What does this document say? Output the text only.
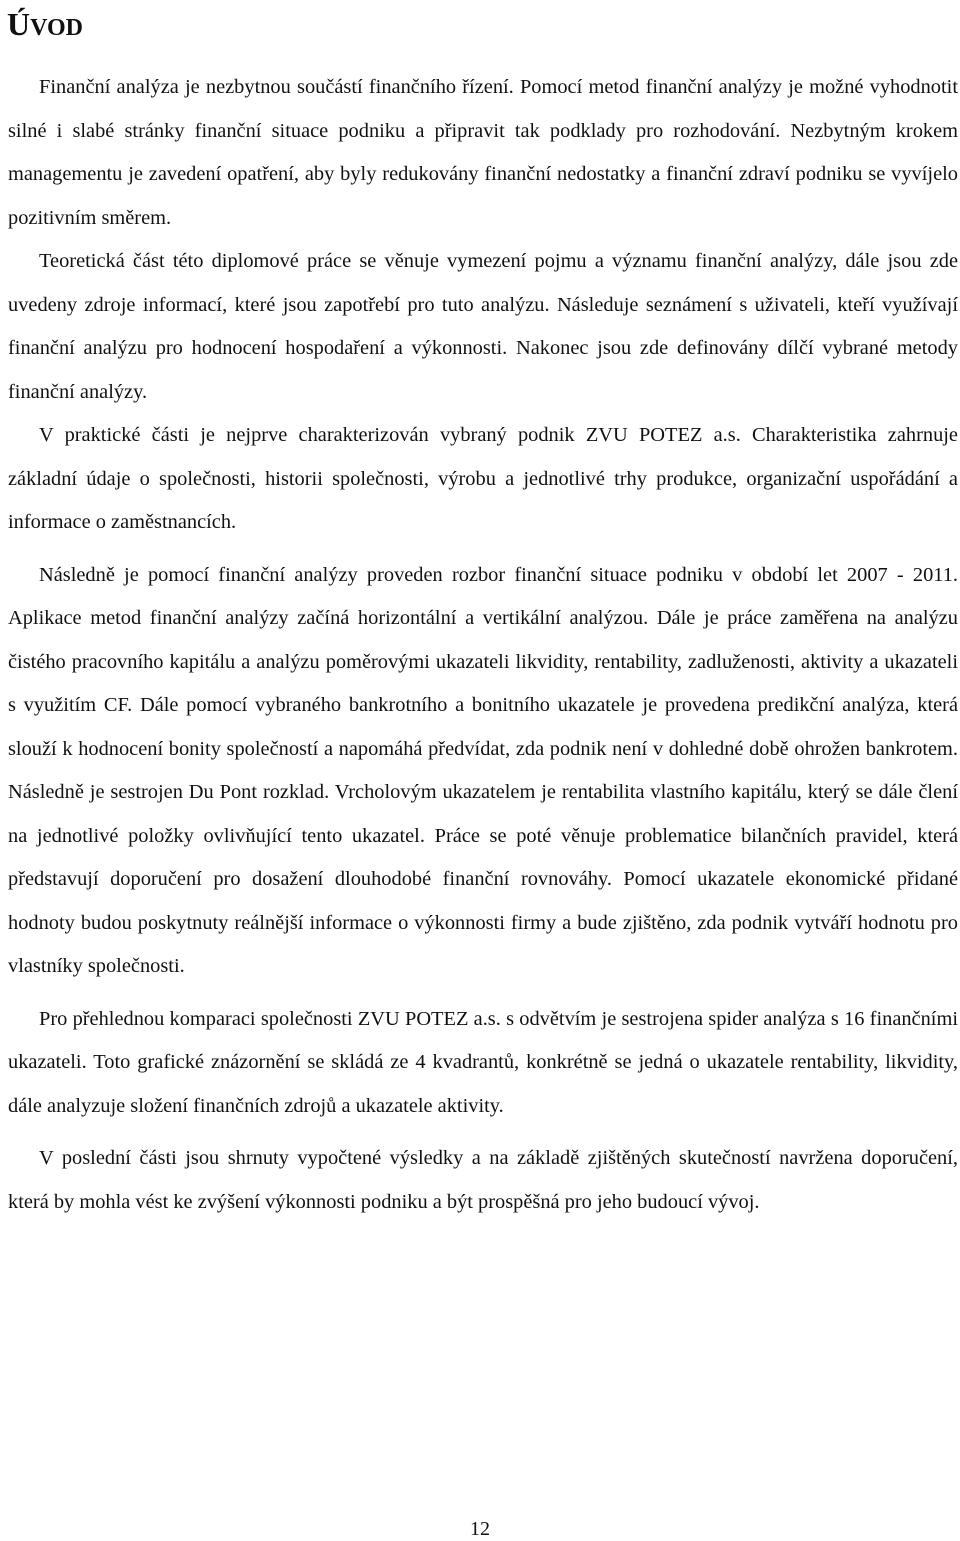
ÚVOD

Finanční analýza je nezbytnou součástí finančního řízení. Pomocí metod finanční analýzy je možné vyhodnotit silné i slabé stránky finanční situace podniku a připravit tak podklady pro rozhodování. Nezbytným krokem managementu je zavedení opatření, aby byly redukovány finanční nedostatky a finanční zdraví podniku se vyvíjelo pozitivním směrem.

Teoretická část této diplomové práce se věnuje vymezení pojmu a významu finanční analýzy, dále jsou zde uvedeny zdroje informací, které jsou zapotřebí pro tuto analýzu. Následuje seznámení s uživateli, kteří využívají finanční analýzu pro hodnocení hospodaření a výkonnosti. Nakonec jsou zde definovány dílčí vybrané metody finanční analýzy.

V praktické části je nejprve charakterizován vybraný podnik ZVU POTEZ a.s. Charakteristika zahrnuje základní údaje o společnosti, historii společnosti, výrobu a jednotlivé trhy produkce, organizační uspořádání a informace o zaměstnancích.

Následně je pomocí finanční analýzy proveden rozbor finanční situace podniku v období let 2007 - 2011. Aplikace metod finanční analýzy začíná horizontální a vertikální analýzou. Dále je práce zaměřena na analýzu čistého pracovního kapitálu a analýzu poměrovými ukazateli likvidity, rentability, zadluženosti, aktivity a ukazateli s využitím CF. Dále pomocí vybraného bankrotního a bonitního ukazatele je provedena predikční analýza, která slouží k hodnocení bonity společností a napomáhá předvídat, zda podnik není v dohledné době ohrožen bankrotem. Následně je sestrojen Du Pont rozklad. Vrcholovým ukazatelem je rentabilita vlastního kapitálu, který se dále člení na jednotlivé položky ovlivňující tento ukazatel. Práce se poté věnuje problematice bilančních pravidel, která představují doporučení pro dosažení dlouhodobé finanční rovnováhy. Pomocí ukazatele ekonomické přidané hodnoty budou poskytnuty reálnější informace o výkonnosti firmy a bude zjištěno, zda podnik vytváří hodnotu pro vlastníky společnosti.

Pro přehlednou komparaci společnosti ZVU POTEZ a.s. s odvětvím je sestrojena spider analýza s 16 finančními ukazateli. Toto grafické znázornění se skládá ze 4 kvadrantů, konkrétně se jedná o ukazatele rentability, likvidity, dále analyzuje složení finančních zdrojů a ukazatele aktivity.

V poslední části jsou shrnuty vypočtené výsledky a na základě zjištěných skutečností navržena doporučení, která by mohla vést ke zvýšení výkonnosti podniku a být prospěšná pro jeho budoucí vývoj.

12
